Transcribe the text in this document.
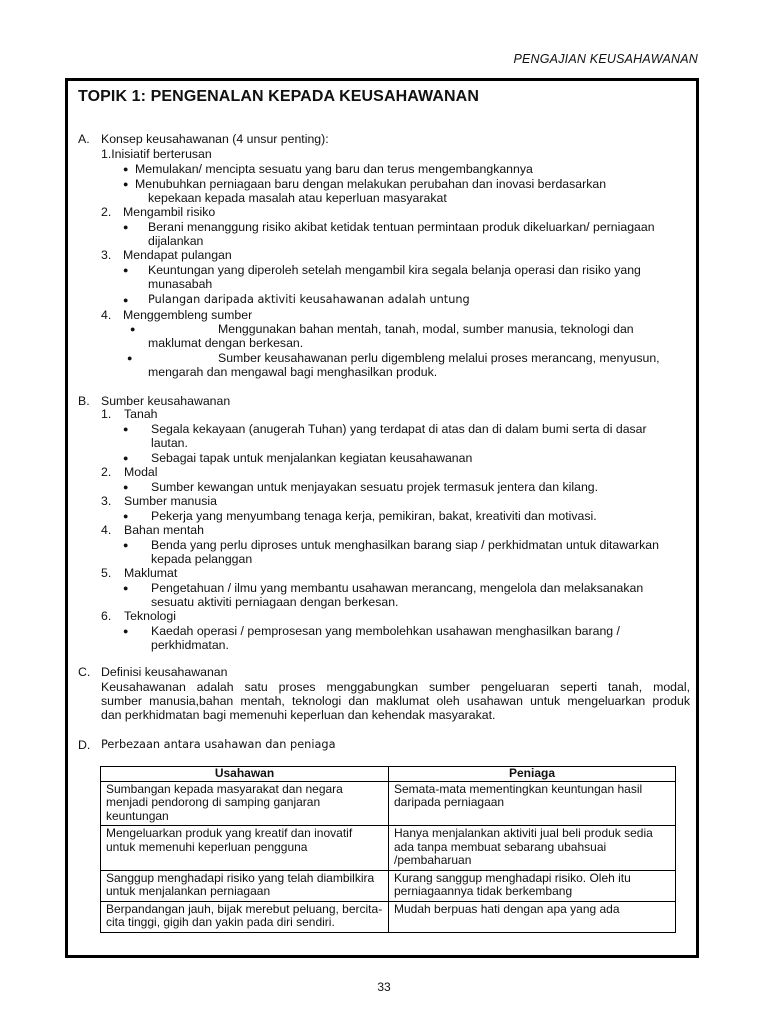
PENGAJIAN KEUSAHAWANAN
TOPIK 1: PENGENALAN KEPADA KEUSAHAWANAN
A. Konsep keusahawanan (4 unsur penting):
1.Inisiatif berterusan
● Memulakan/ mencipta sesuatu yang baru dan terus mengembangkannya
● Menubuhkan perniagaan baru dengan melakukan perubahan dan inovasi berdasarkan
kepekaan kepada masalah atau keperluan masyarakat
2. Mengambil risiko
● Berani menanggung risiko akibat ketidak tentuan permintaan produk dikeluarkan/ perniagaan
dijalankan
3. Mendapat pulangan
● Keuntungan yang diperoleh setelah mengambil kira segala belanja operasi dan risiko yang
munasabah
● Pulangan daripada aktiviti keusahawanan adalah untung
4. Menggembleng sumber
●	Menggunakan bahan mentah, tanah, modal, sumber manusia, teknologi dan
maklumat dengan berkesan.
●	Sumber keusahawanan perlu digembleng melalui proses merancang, menyusun,
mengarah dan mengawal bagi menghasilkan produk.
B. Sumber keusahawanan
1. Tanah
● Segala kekayaan (anugerah Tuhan) yang terdapat di atas dan di dalam bumi serta di dasar
lautan.
● Sebagai tapak untuk menjalankan kegiatan keusahawanan
2. Modal
● Sumber kewangan untuk menjayakan sesuatu projek termasuk jentera dan kilang.
3. Sumber manusia
● Pekerja yang menyumbang tenaga kerja, pemikiran, bakat, kreativiti dan motivasi.
4. Bahan mentah
● Benda yang perlu diproses untuk menghasilkan barang siap / perkhidmatan untuk ditawarkan
kepada pelanggan
5. Maklumat
● Pengetahuan / ilmu yang membantu usahawan merancang, mengelola dan melaksanakan
sesuatu aktiviti perniagaan dengan berkesan.
6. Teknologi
● Kaedah operasi / pemprosesan yang membolehkan usahawan menghasilkan barang /
perkhidmatan.
C. Definisi keusahawanan
Keusahawanan adalah satu proses menggabungkan sumber pengeluaran seperti tanah, modal,
sumber manusia,bahan mentah, teknologi dan maklumat oleh usahawan untuk mengeluarkan produk
dan perkhidmatan bagi memenuhi keperluan dan kehendak masyarakat.
D. Perbezaan antara usahawan dan peniaga
Usahawan	Peniaga
Sumbangan kepada masyarakat dan negara menjadi pendorong di samping ganjaran keuntungan	Semata-mata mementingkan keuntungan hasil daripada perniagaan
Mengeluarkan produk yang kreatif dan inovatif untuk memenuhi keperluan pengguna	Hanya menjalankan aktiviti jual beli produk sedia ada tanpa membuat sebarang ubahsuai /pembaharuan
Sanggup menghadapi risiko yang telah diambilkira untuk menjalankan perniagaan	Kurang sanggup menghadapi risiko. Oleh itu perniagaannya tidak berkembang
Berpandangan jauh, bijak merebut peluang, bercita-cita tinggi, gigih dan yakin pada diri sendiri.	Mudah berpuas hati dengan apa yang ada
33
